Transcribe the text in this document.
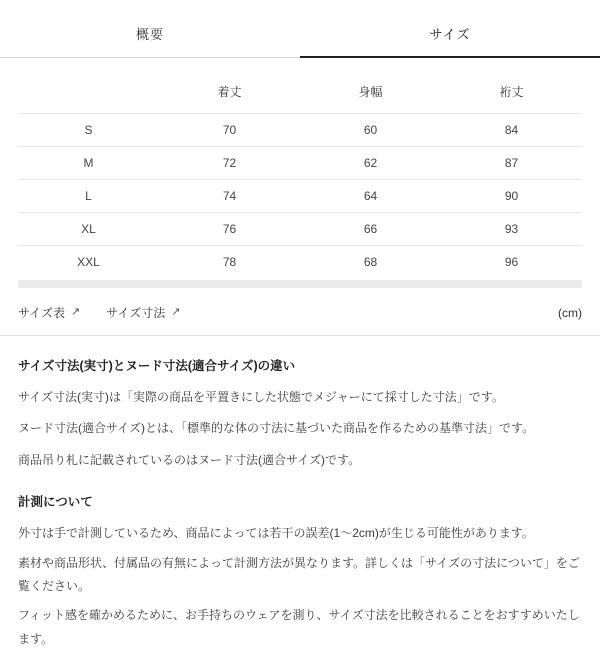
概要	サイズ
	着丈	身幅	裄丈
S	70	60	84
M	72	62	87
L	74	64	90
XL	76	66	93
XXL	78	68	96
サイズ表 ↗ サイズ寸法 ↗	(cm)
サイズ寸法(実寸)とヌード寸法(適合サイズ)の違い

サイズ寸法(実寸)は「実際の商品を平置きにした状態でメジャーにて採寸した寸法」です。

ヌード寸法(適合サイズ)とは、「標準的な体の寸法に基づいた商品を作るための基準寸法」です。

商品吊り札に記載されているのはヌード寸法(適合サイズ)です。

計測について

外寸は手で計測しているため、商品によっては若干の誤差(1〜2cm)が生じる可能性があります。

素材や商品形状、付属品の有無によって計測方法が異なります。詳しくは「サイズの寸法について」をご覧ください。

フィット感を確かめるために、お手持ちのウェアを測り、サイズ寸法を比較されることをおすすめいたします。
